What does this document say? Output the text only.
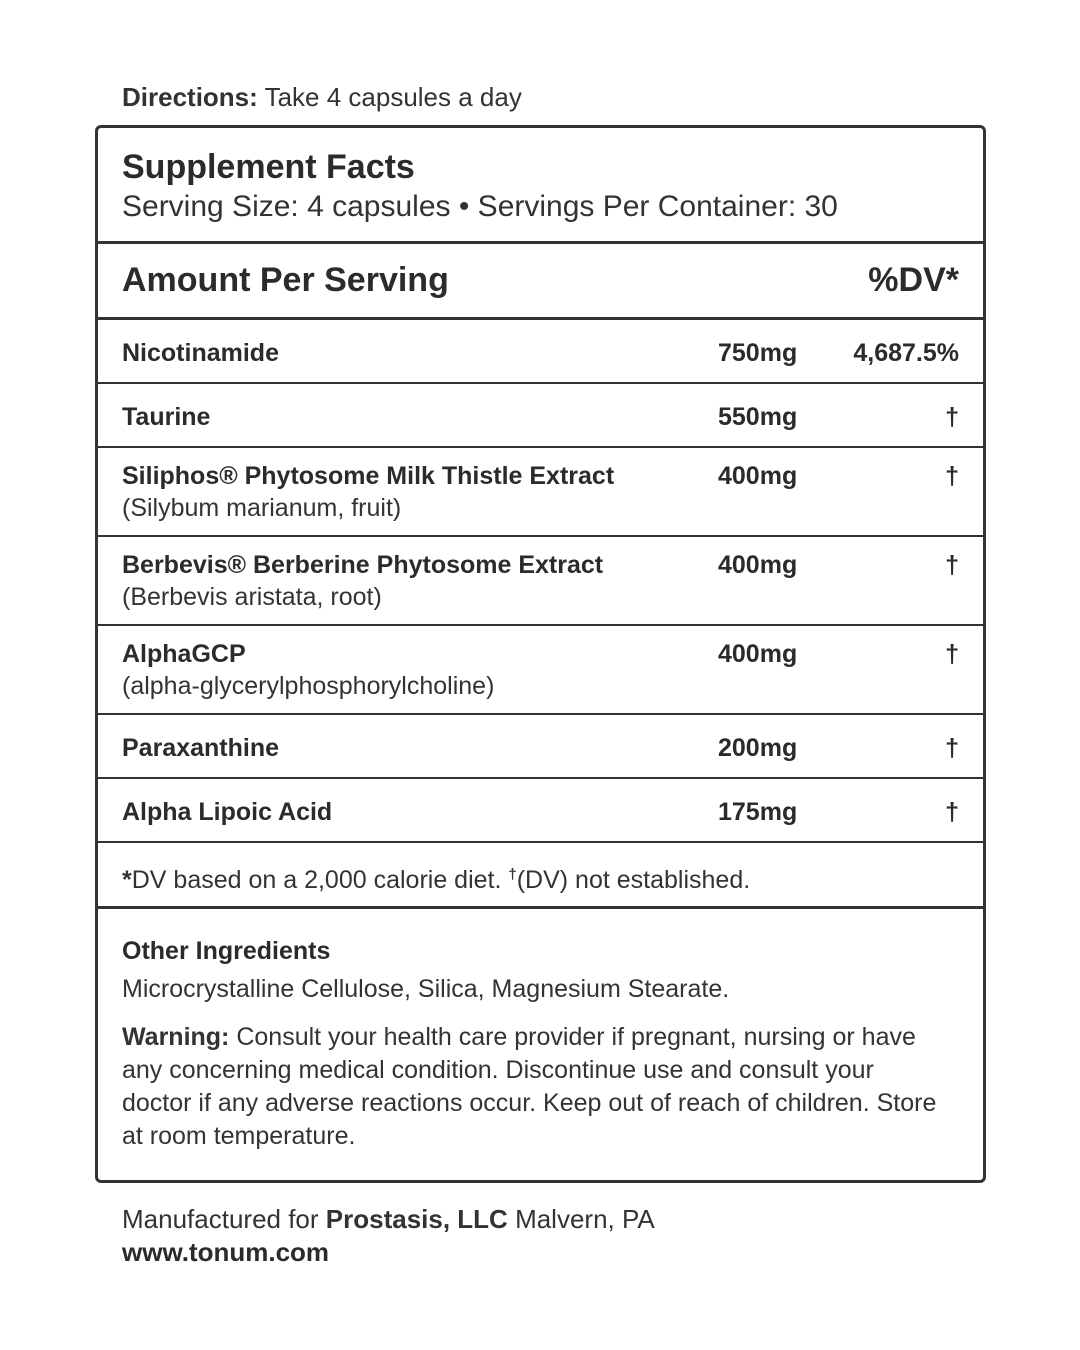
Directions: Take 4 capsules a day
Supplement Facts
Serving Size: 4 capsules • Servings Per Container: 30
Amount Per Serving	%DV*
Nicotinamide	750mg 4,687.5%
Taurine	550mg	†
Siliphos® Phytosome Milk Thistle Extract
(Silybum marianum, fruit)
400mg	†
Berbevis® Berberine Phytosome Extract
(Berbevis aristata, root)
400mg	†
AlphaGCP
(alpha-glycerylphosphorylcholine)
400mg	†
Paraxanthine	200mg	†
Alpha Lipoic Acid	175mg	†
*DV based on a 2,000 calorie diet. †(DV) not established.
Other Ingredients
Microcrystalline Cellulose, Silica, Magnesium Stearate.
Warning: Consult your health care provider if pregnant, nursing or have any concerning medical condition. Discontinue use and consult your doctor if any adverse reactions occur. Keep out of reach of children. Store at room temperature.
Manufactured for Prostasis, LLC Malvern, PA
www.tonum.com
